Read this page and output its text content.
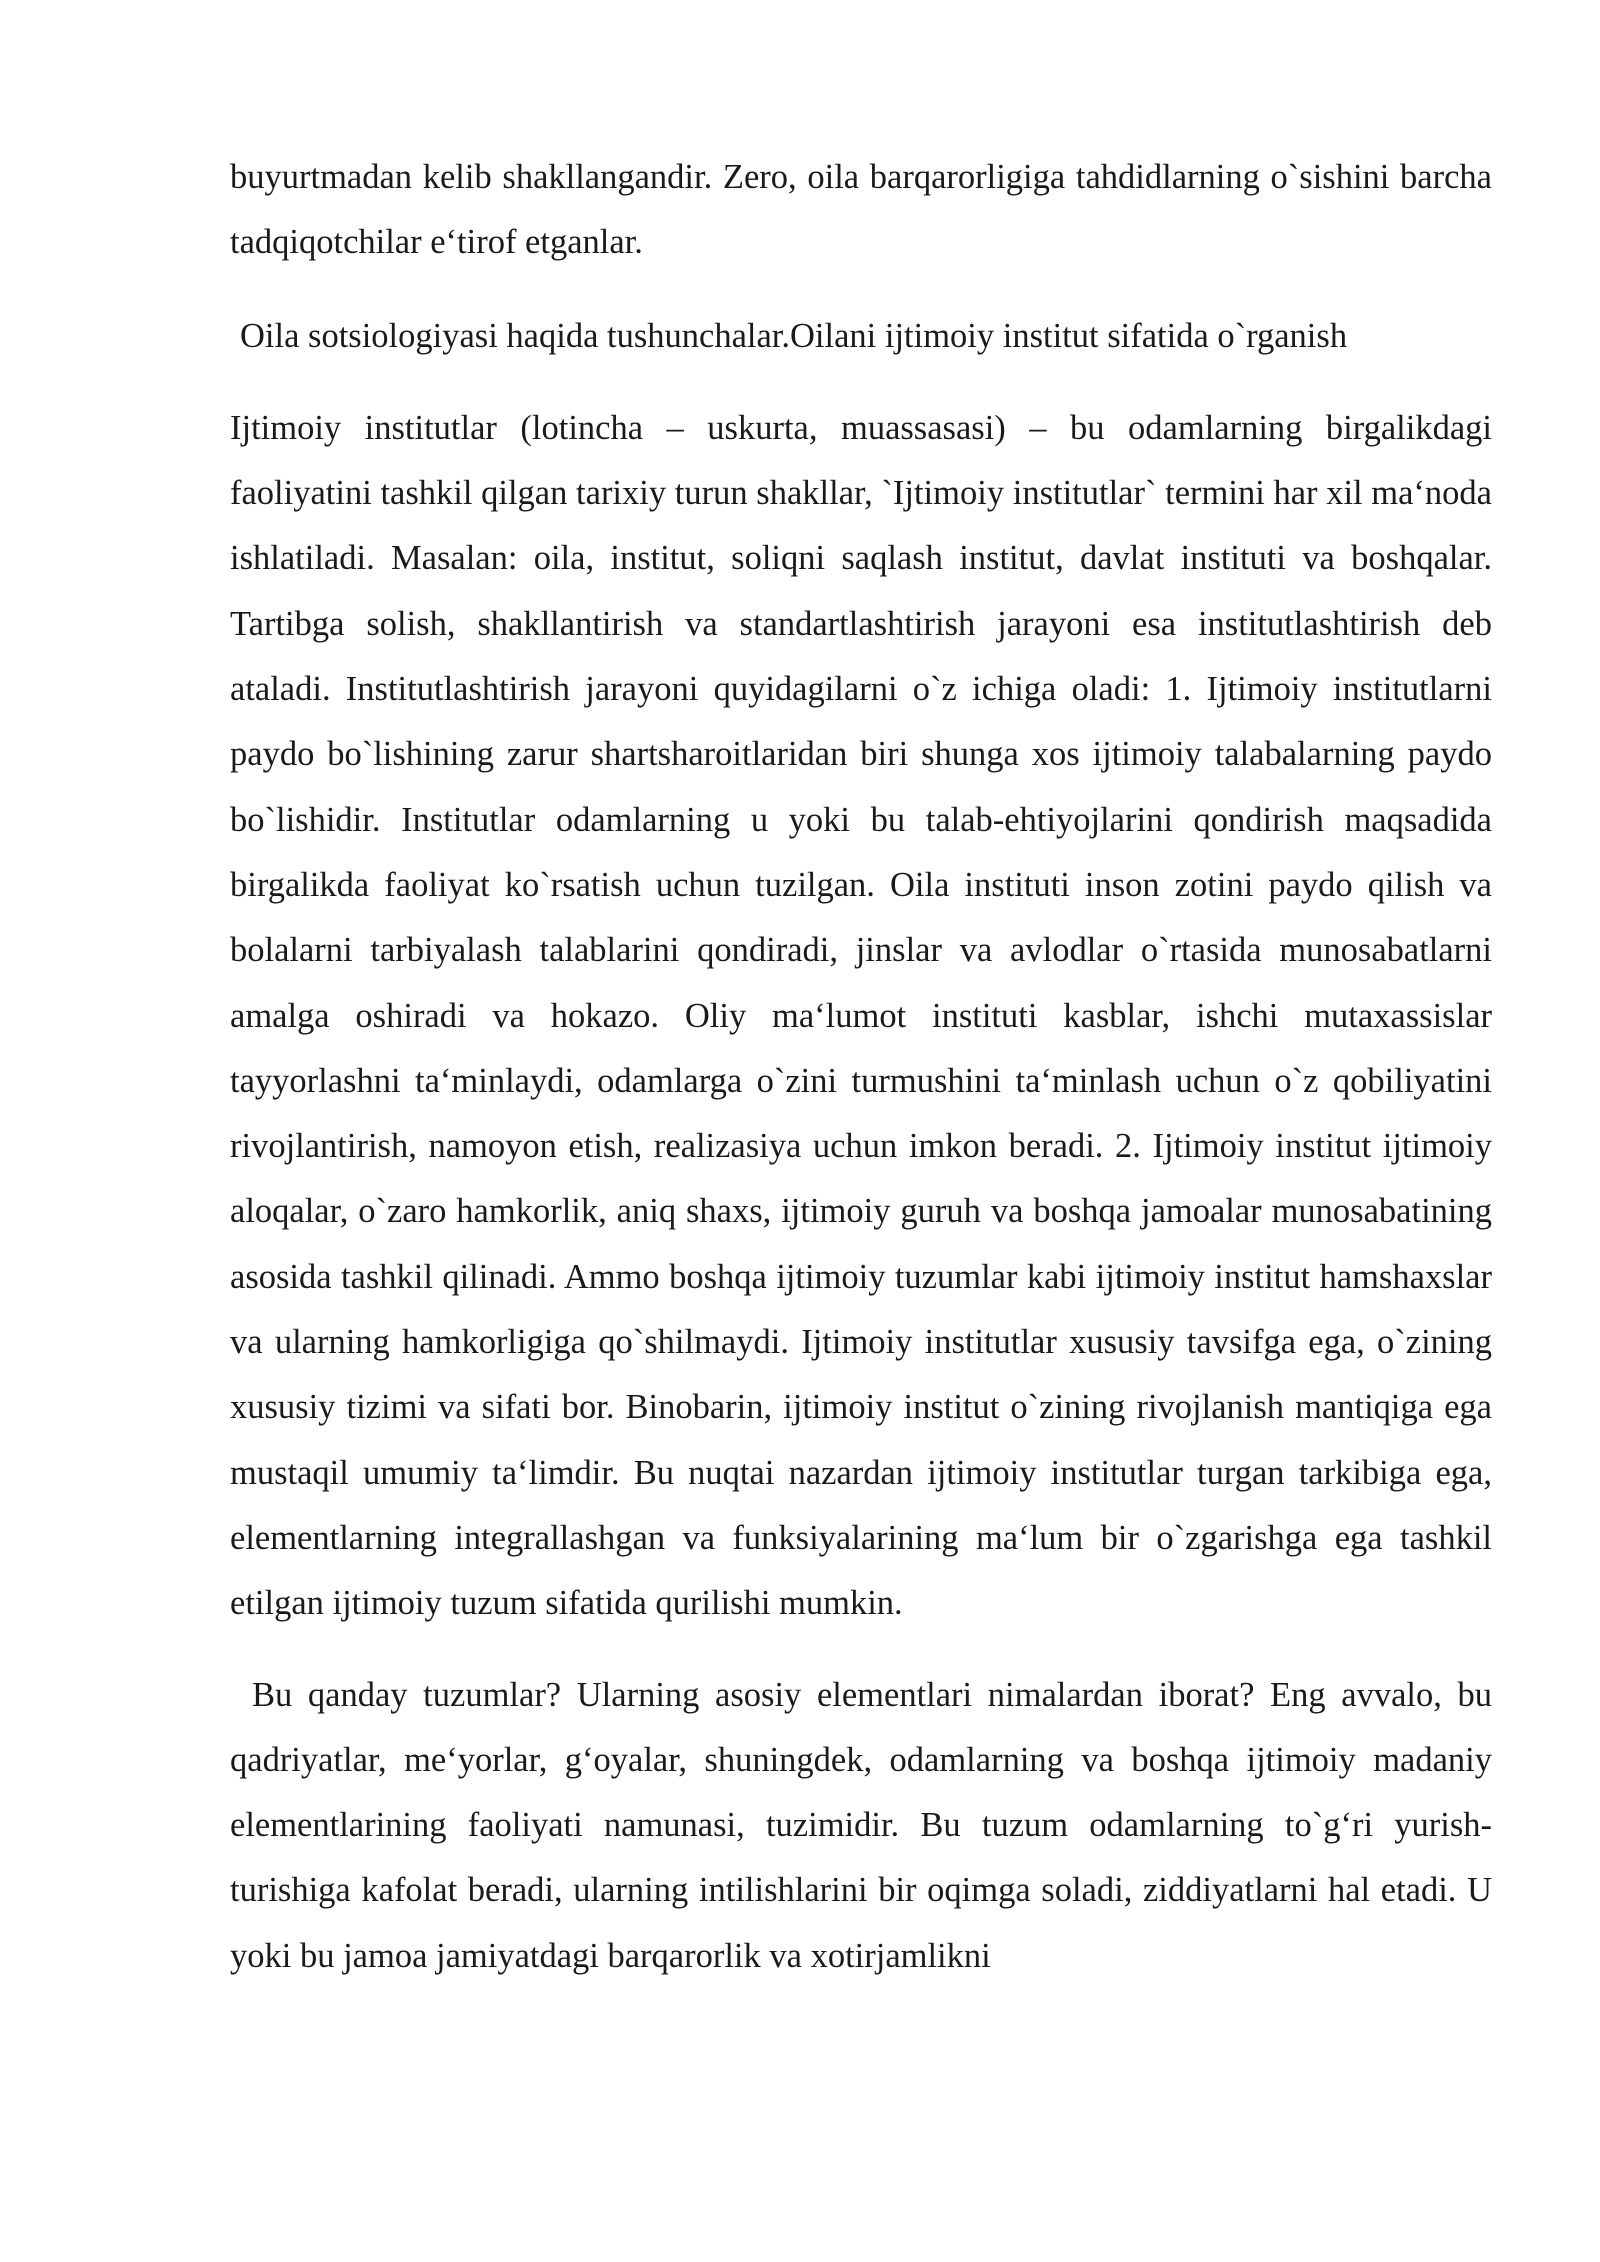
buyurtmadan kelib shakllangandir. Zero, oila barqarorligiga tahdidlarning o`sishini barcha tadqiqotchilar e‘tirof etganlar.

Oila sotsiologiyasi haqida tushunchalar.Oilani ijtimoiy institut sifatida o`rganish

Ijtimoiy institutlar (lotincha – uskurta, muassasasi) – bu odamlarning birgalikdagi faoliyatini tashkil qilgan tarixiy turun shakllar, `Ijtimoiy institutlar` termini har xil ma‘noda ishlatiladi. Masalan: oila, institut, soliqni saqlash institut, davlat instituti va boshqalar. Tartibga solish, shakllantirish va standartlashtirish jarayoni esa institutlashtirish deb ataladi. Institutlashtirish jarayoni quyidagilarni o`z ichiga oladi: 1. Ijtimoiy institutlarni paydo bo`lishining zarur shartsharoitlaridan biri shunga xos ijtimoiy talabalarning paydo bo`lishidir. Institutlar odamlarning u yoki bu talab-ehtiyojlarini qondirish maqsadida birgalikda faoliyat ko`rsatish uchun tuzilgan. Oila instituti inson zotini paydo qilish va bolalarni tarbiyalash talablarini qondiradi, jinslar va avlodlar o`rtasida munosabatlarni amalga oshiradi va hokazo. Oliy ma‘lumot instituti kasblar, ishchi mutaxassislar tayyorlashni ta‘minlaydi, odamlarga o`zini turmushini ta‘minlash uchun o`z qobiliyatini rivojlantirish, namoyon etish, realizasiya uchun imkon beradi. 2. Ijtimoiy institut ijtimoiy aloqalar, o`zaro hamkorlik, aniq shaxs, ijtimoiy guruh va boshqa jamoalar munosabatining asosida tashkil qilinadi. Ammo boshqa ijtimoiy tuzumlar kabi ijtimoiy institut hamshaxslar va ularning hamkorligiga qo`shilmaydi. Ijtimoiy institutlar xususiy tavsifga ega, o`zining xususiy tizimi va sifati bor. Binobarin, ijtimoiy institut o`zining rivojlanish mantiqiga ega mustaqil umumiy ta‘limdir. Bu nuqtai nazardan ijtimoiy institutlar turgan tarkibiga ega, elementlarning integrallashgan va funksiyalarining ma‘lum bir o`zgarishga ega tashkil etilgan ijtimoiy tuzum sifatida qurilishi mumkin.

Bu qanday tuzumlar? Ularning asosiy elementlari nimalardan iborat? Eng avvalo, bu qadriyatlar, me‘yorlar, g‘oyalar, shuningdek, odamlarning va boshqa ijtimoiy madaniy elementlarining faoliyati namunasi, tuzimidir. Bu tuzum odamlarning to`g‘ri yurish-turishiga kafolat beradi, ularning intilishlarini bir oqimga soladi, ziddiyatlarni hal etadi. U yoki bu jamoa jamiyatdagi barqarorlik va xotirjamlikni
